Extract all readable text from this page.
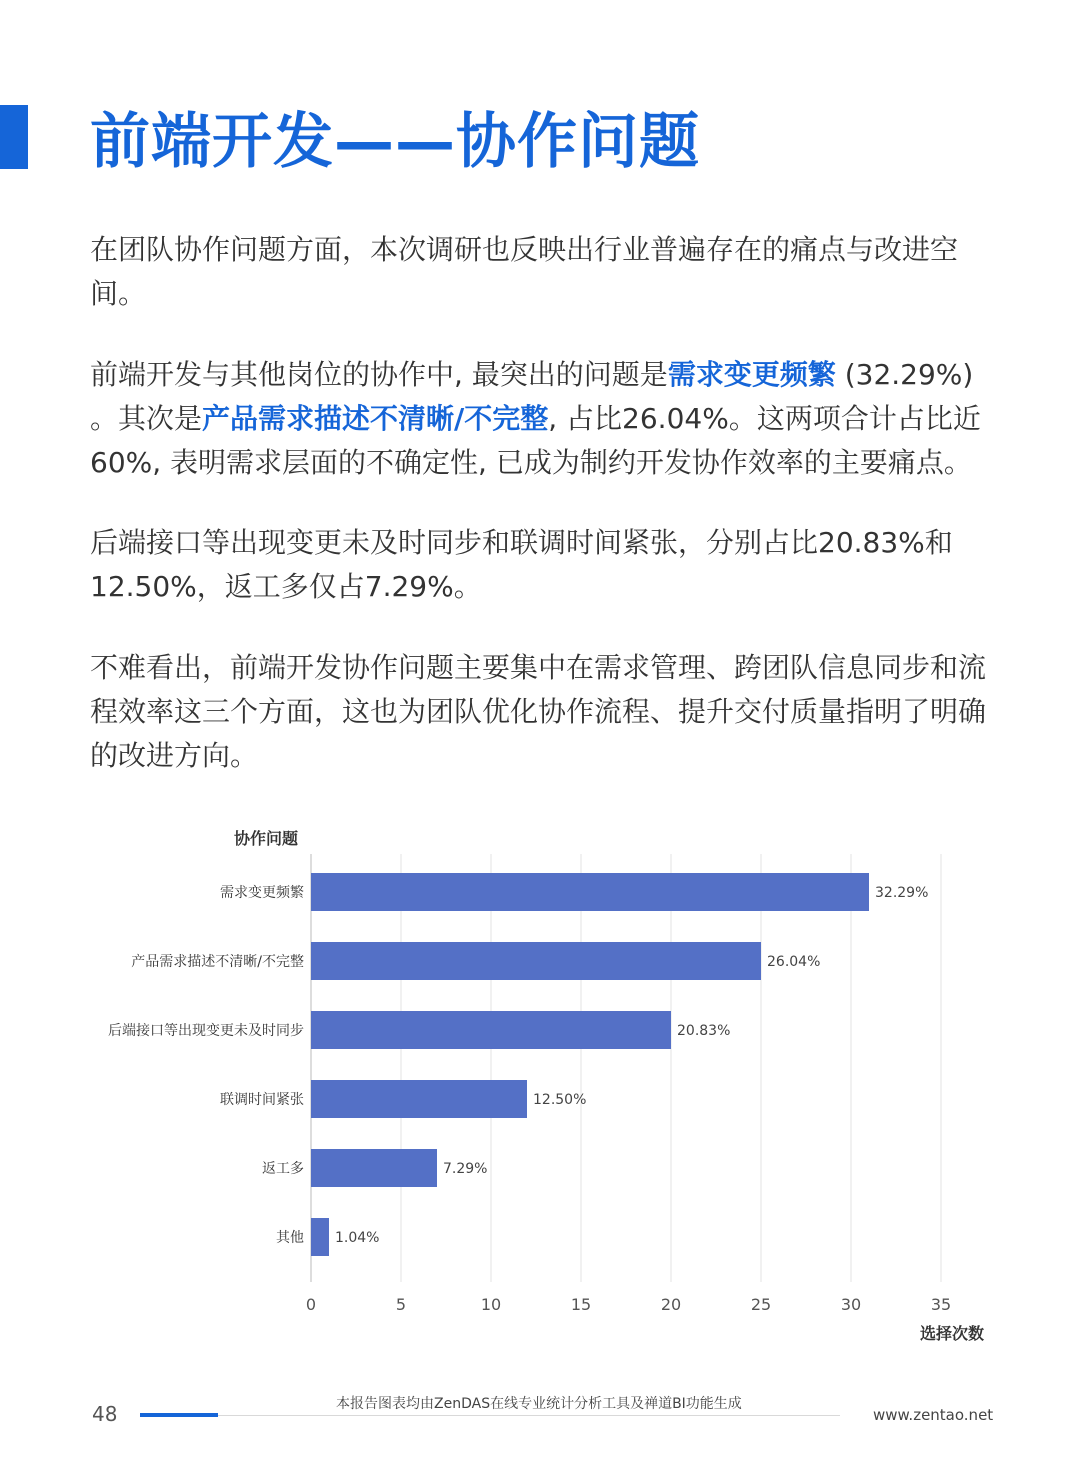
前端开发——协作问题

在团队协作问题方面，本次调研也反映出行业普遍存在的痛点与改进空间。

前端开发与其他岗位的协作中, 最突出的问题是需求变更频繁 (32.29%) 。其次是产品需求描述不清晰/不完整, 占比26.04%。这两项合计占比近60%, 表明需求层面的不确定性, 已成为制约开发协作效率的主要痛点。

后端接口等出现变更未及时同步和联调时间紧张，分别占比20.83%和12.50%，返工多仅占7.29%。

不难看出，前端开发协作问题主要集中在需求管理、跨团队信息同步和流程效率这三个方面，这也为团队优化协作流程、提升交付质量指明了明确的改进方向。

协作问题
0	5	10	15	20	25	30	35
需求变更频繁	32.29%
产品需求描述不清晰/不完整	26.04%
后端接口等出现变更未及时同步	20.83%
联调时间紧张	12.50%
返工多	7.29%
其他 1.04%
选择次数
48	本报告图表均由ZenDAS在线专业统计分析工具及禅道BI功能生成
www.zentao.net
